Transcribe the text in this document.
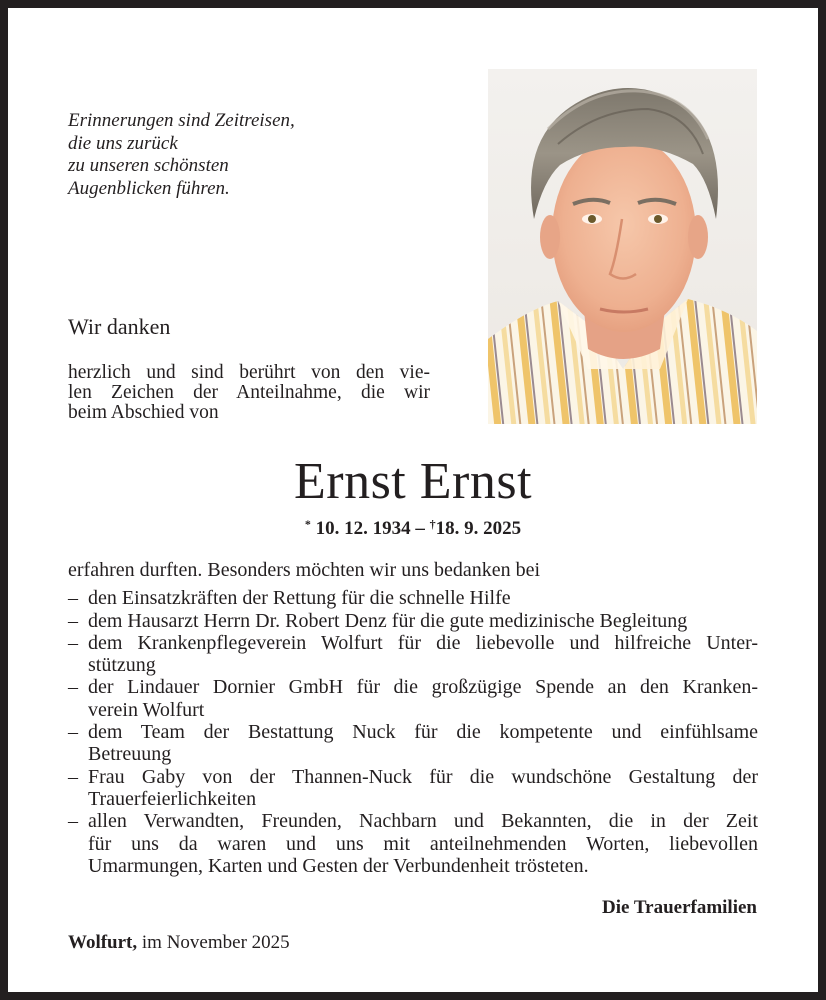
Erinnerungen sind Zeitreisen,
die uns zurück
zu unseren schönsten
Augenblicken führen.
Wir danken
herzlich und sind berührt von den vie-
len Zeichen der Anteilnahme, die wir
beim Abschied von
Ernst Ernst
* 10. 12. 1934 – †18. 9. 2025
erfahren durften. Besonders möchten wir uns bedanken bei
– den Einsatzkräften der Rettung für die schnelle Hilfe
– dem Hausarzt Herrn Dr. Robert Denz für die gute medizinische Begleitung
– dem Krankenpflegeverein Wolfurt für die liebevolle und hilfreiche Unter-
stützung
– der Lindauer Dornier GmbH für die großzügige Spende an den Kranken-
verein Wolfurt
– dem Team der Bestattung Nuck für die kompetente und einfühlsame
Betreuung
– Frau Gaby von der Thannen-Nuck für die wundschöne Gestaltung der
Trauerfeierlichkeiten
– allen Verwandten, Freunden, Nachbarn und Bekannten, die in der Zeit
für uns da waren und uns mit anteilnehmenden Worten, liebevollen
Umarmungen, Karten und Gesten der Verbundenheit trösteten.
Die Trauerfamilien
Wolfurt, im November 2025
